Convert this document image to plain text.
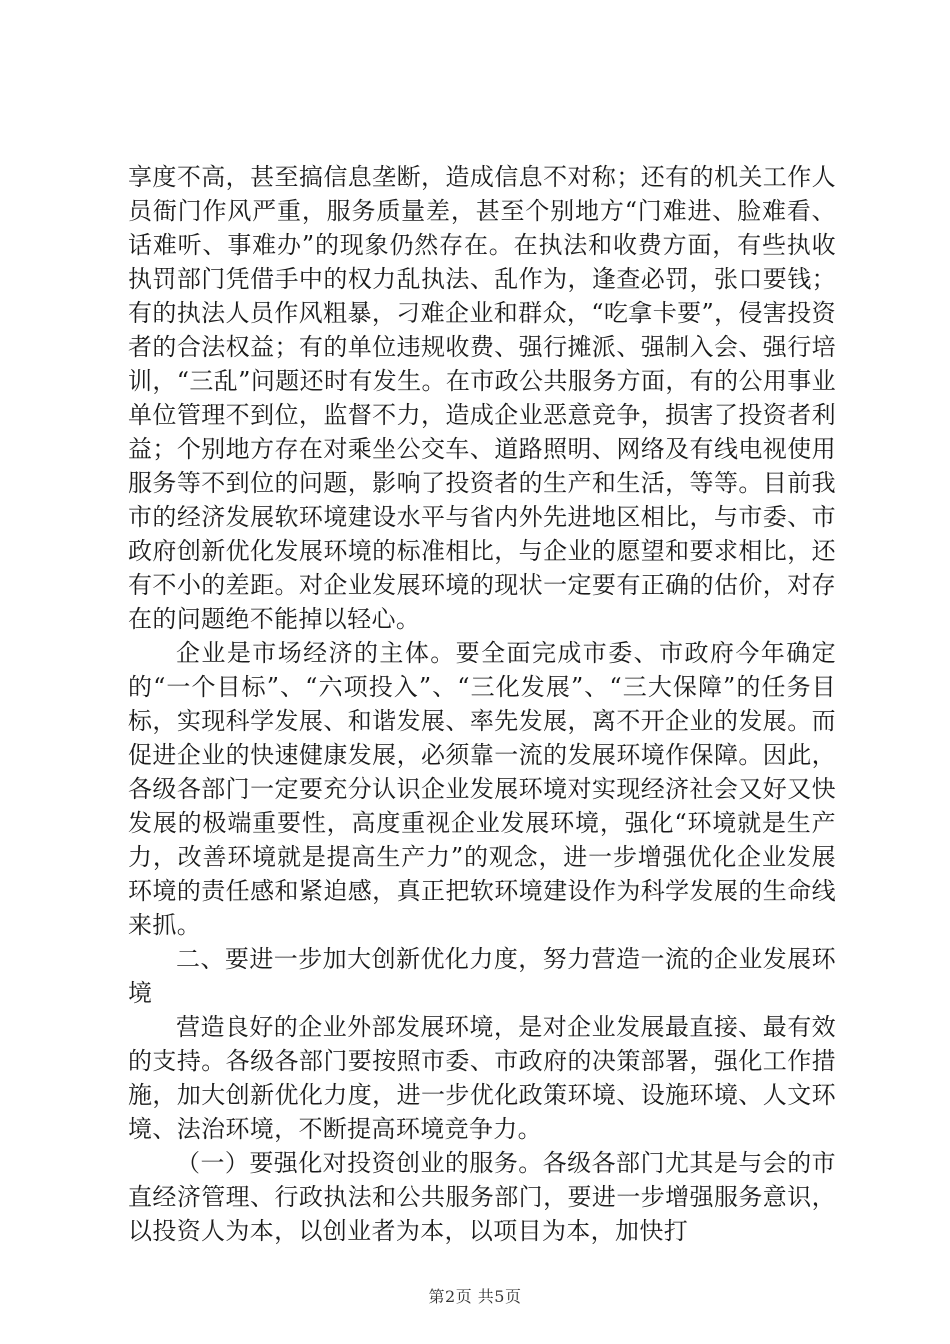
享度不高，甚至搞信息垄断，造成信息不对称；还有的机关工作人员衙门作风严重，服务质量差，甚至个别地方“门难进、脸难看、话难听、事难办”的现象仍然存在。在执法和收费方面，有些执收执罚部门凭借手中的权力乱执法、乱作为，逢查必罚，张口要钱；有的执法人员作风粗暴，刁难企业和群众，“吃拿卡要”，侵害投资者的合法权益；有的单位违规收费、强行摊派、强制入会、强行培训，“三乱”问题还时有发生。在市政公共服务方面，有的公用事业单位管理不到位，监督不力，造成企业恶意竞争，损害了投资者利益；个别地方存在对乘坐公交车、道路照明、网络及有线电视使用服务等不到位的问题，影响了投资者的生产和生活，等等。目前我市的经济发展软环境建设水平与省内外先进地区相比，与市委、市政府创新优化发展环境的标准相比，与企业的愿望和要求相比，还有不小的差距。对企业发展环境的现状一定要有正确的估价，对存在的问题绝不能掉以轻心。

企业是市场经济的主体。要全面完成市委、市政府今年确定的“一个目标”、“六项投入”、“三化发展”、“三大保障”的任务目标，实现科学发展、和谐发展、率先发展，离不开企业的发展。而促进企业的快速健康发展，必须靠一流的发展环境作保障。因此，各级各部门一定要充分认识企业发展环境对实现经济社会又好又快发展的极端重要性，高度重视企业发展环境，强化“环境就是生产力，改善环境就是提高生产力”的观念，进一步增强优化企业发展环境的责任感和紧迫感，真正把软环境建设作为科学发展的生命线来抓。

二、要进一步加大创新优化力度，努力营造一流的企业发展环境

营造良好的企业外部发展环境，是对企业发展最直接、最有效的支持。各级各部门要按照市委、市政府的决策部署，强化工作措施，加大创新优化力度，进一步优化政策环境、设施环境、人文环境、法治环境，不断提高环境竞争力。

（一）要强化对投资创业的服务。各级各部门尤其是与会的市直经济管理、行政执法和公共服务部门，要进一步增强服务意识，以投资人为本，以创业者为本，以项目为本，加快打

第2页 共5页
